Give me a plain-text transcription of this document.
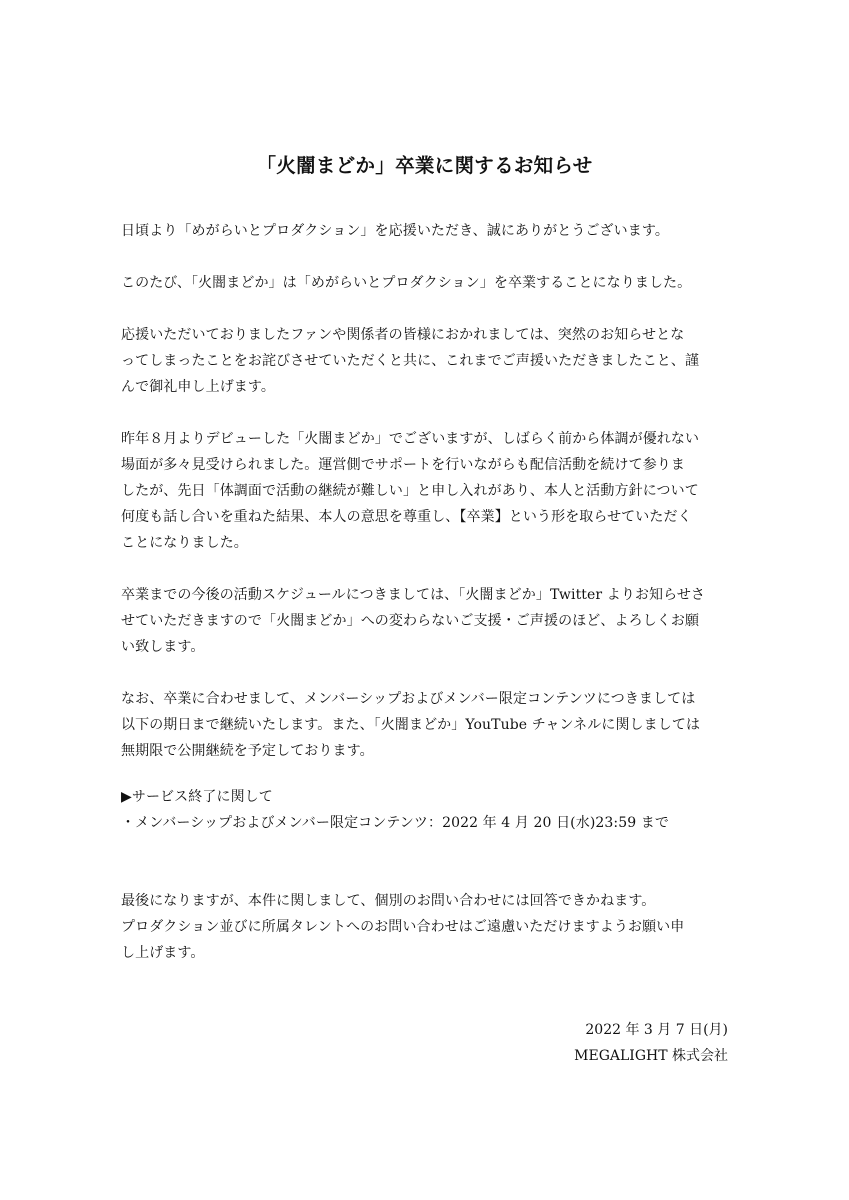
「火闇まどか」卒業に関するお知らせ
日頃より「めがらいとプロダクション」を応援いただき、誠にありがとうございます。
このたび、「火闇まどか」は「めがらいとプロダクション」を卒業することになりました。
応援いただいておりましたファンや関係者の皆様におかれましては、突然のお知らせとな
ってしまったことをお詫びさせていただくと共に、これまでご声援いただきましたこと、謹
んで御礼申し上げます。
昨年８月よりデビューした「火闇まどか」でございますが、しばらく前から体調が優れない
場面が多々見受けられました。運営側でサポートを行いながらも配信活動を続けて参りま
したが、先日「体調面で活動の継続が難しい」と申し入れがあり、本人と活動方針について
何度も話し合いを重ねた結果、本人の意思を尊重し、【卒業】という形を取らせていただく
ことになりました。
卒業までの今後の活動スケジュールにつきましては、「火闇まどか」Twitter よりお知らせさ
せていただきますので「火闇まどか」への変わらないご支援・ご声援のほど、よろしくお願
い致します。
なお、卒業に合わせまして、メンバーシップおよびメンバー限定コンテンツにつきましては
以下の期日まで継続いたします。また、「火闇まどか」YouTube チャンネルに関しましては
無期限で公開継続を予定しております。
▶サービス終了に関して
・メンバーシップおよびメンバー限定コンテンツ：2022 年 4 月 20 日(水)23:59 まで
最後になりますが、本件に関しまして、個別のお問い合わせには回答できかねます。
プロダクション並びに所属タレントへのお問い合わせはご遠慮いただけますようお願い申
し上げます。
2022 年 3 月 7 日(月)
MEGALIGHT 株式会社
